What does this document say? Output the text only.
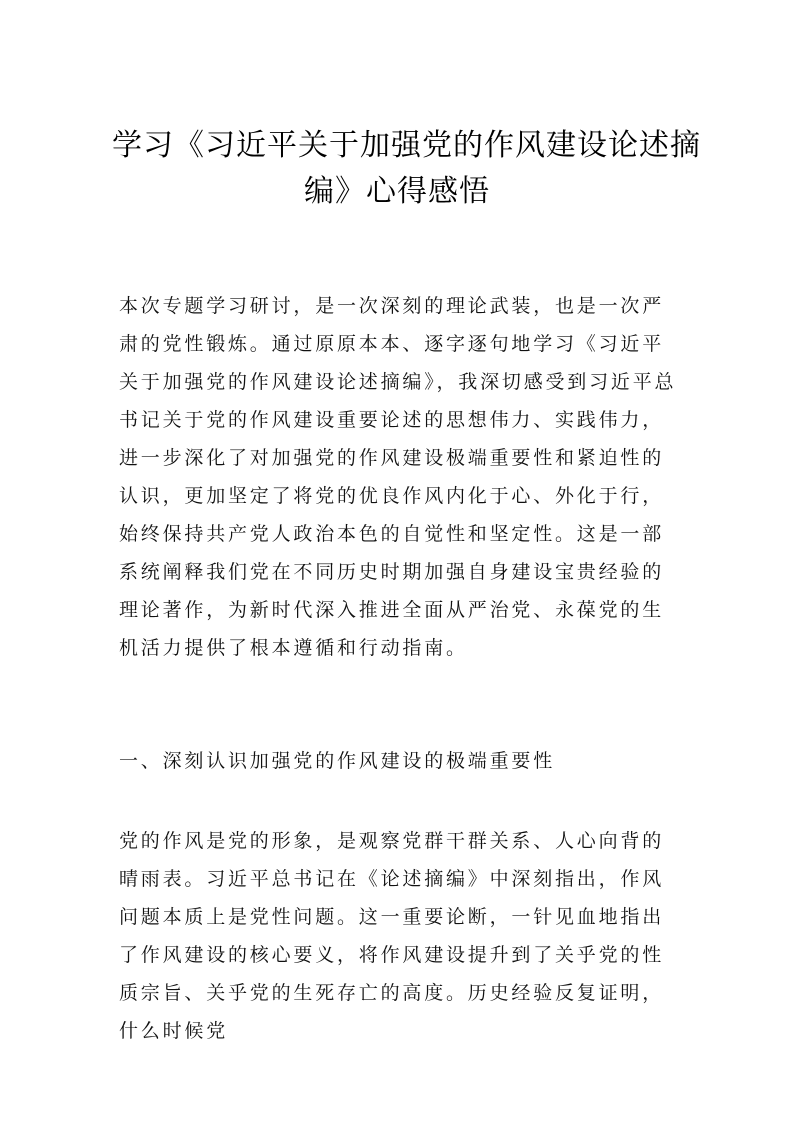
学习《习近平关于加强党的作风建设论述摘
编》心得感悟

本次专题学习研讨，是一次深刻的理论武装，也是一次严肃的党性锻炼。通过原原本本、逐字逐句地学习《习近平关于加强党的作风建设论述摘编》，我深切感受到习近平总书记关于党的作风建设重要论述的思想伟力、实践伟力，进一步深化了对加强党的作风建设极端重要性和紧迫性的认识，更加坚定了将党的优良作风内化于心、外化于行，始终保持共产党人政治本色的自觉性和坚定性。这是一部系统阐释我们党在不同历史时期加强自身建设宝贵经验的理论著作，为新时代深入推进全面从严治党、永葆党的生机活力提供了根本遵循和行动指南。

一、深刻认识加强党的作风建设的极端重要性

党的作风是党的形象，是观察党群干群关系、人心向背的晴雨表。习近平总书记在《论述摘编》中深刻指出，作风问题本质上是党性问题。这一重要论断，一针见血地指出了作风建设的核心要义，将作风建设提升到了关乎党的性质宗旨、关乎党的生死存亡的高度。历史经验反复证明，什么时候党
